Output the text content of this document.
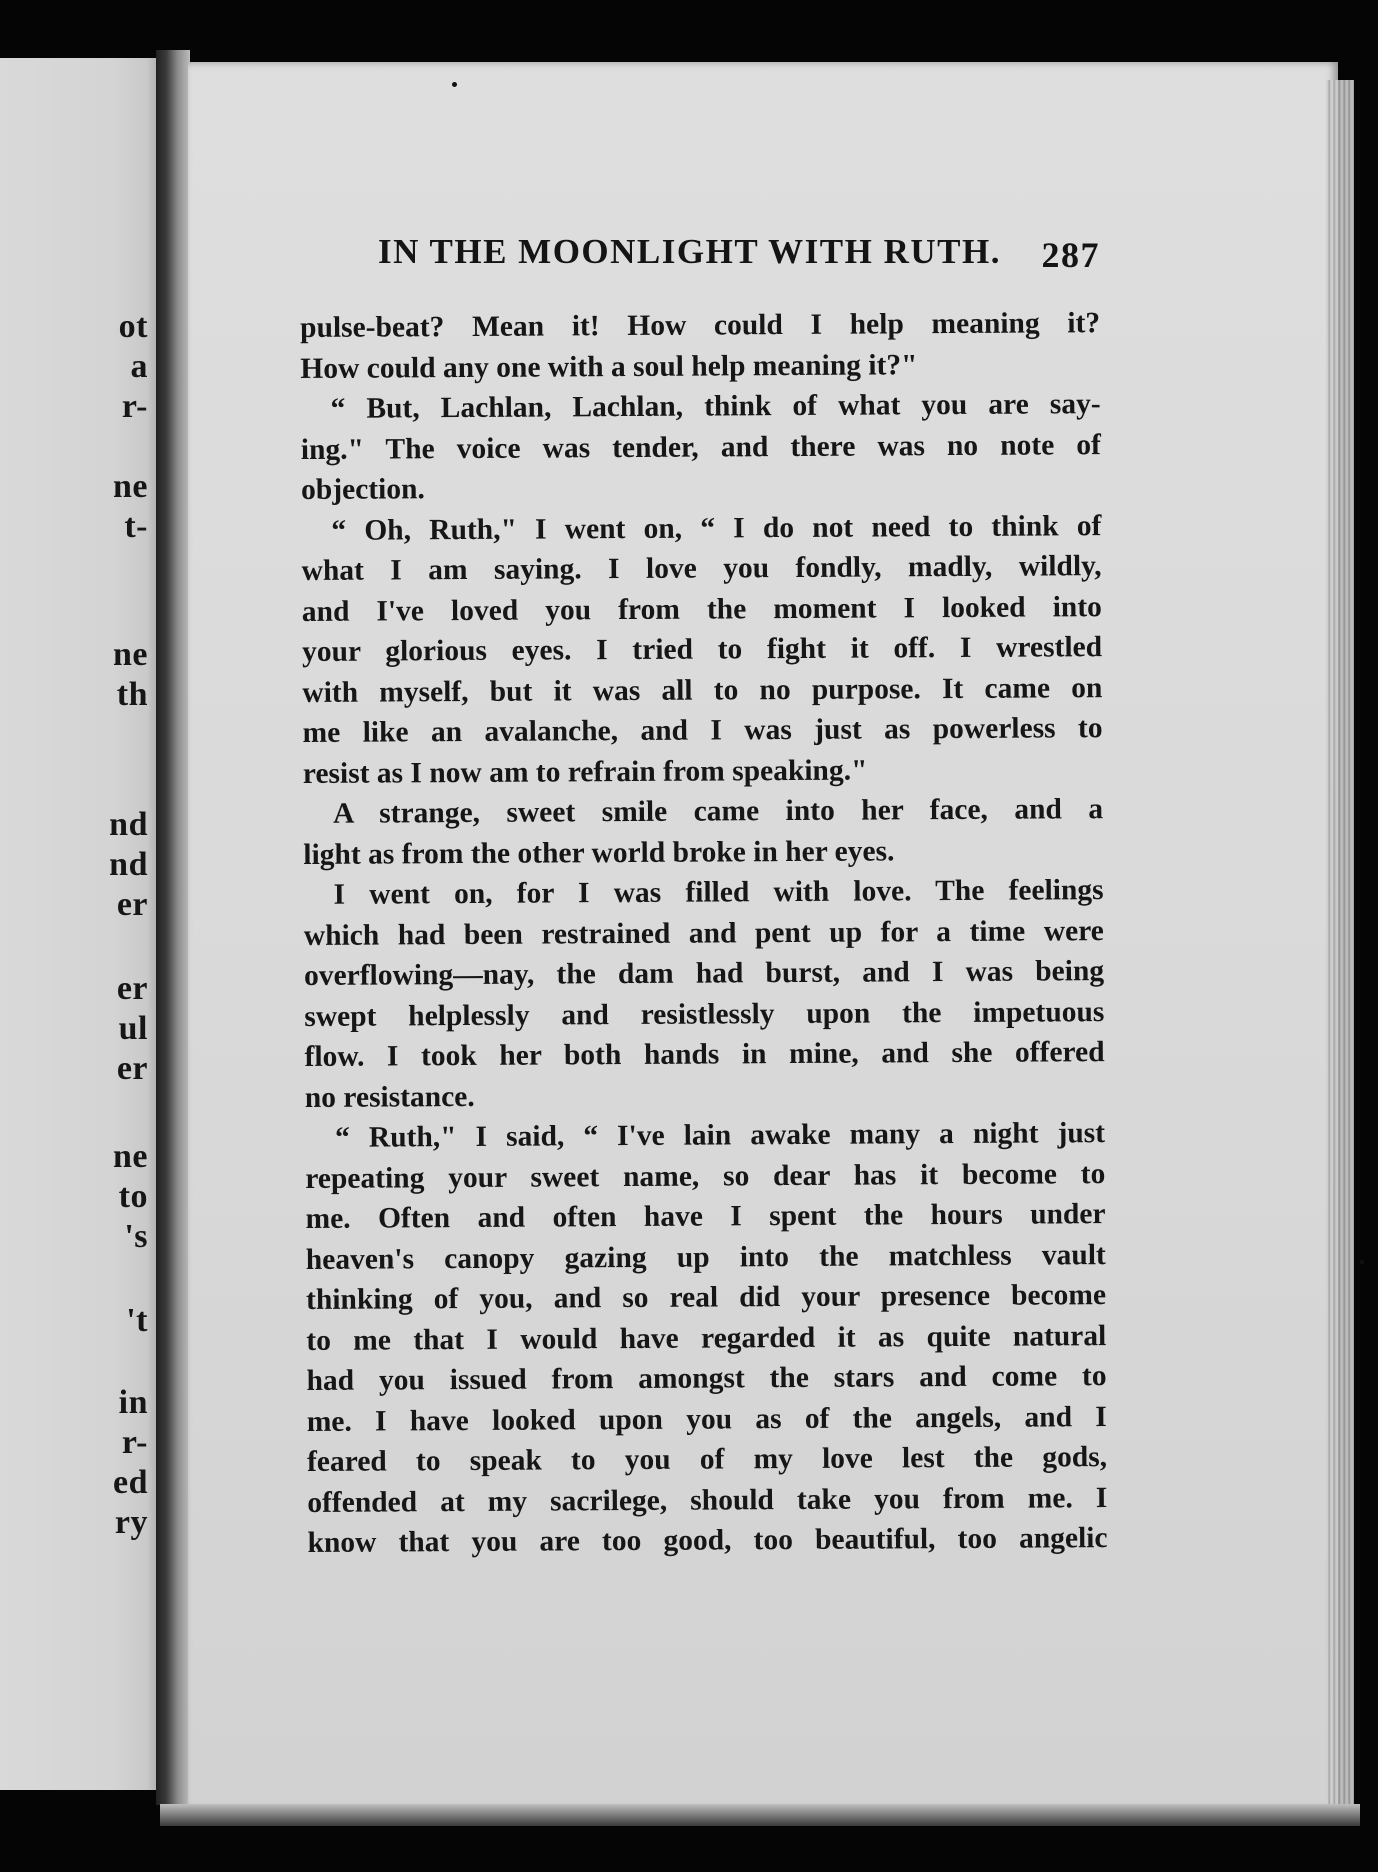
ot
a
r-
ne
t-
ne
th
nd
nd
er
er
ul
er
ne
to
's
't
in
r-
ed
ry
IN THE MOONLIGHT WITH RUTH. 287
pulse-beat? Mean it! How could I help meaning it?
How could any one with a soul help meaning it?"
“ But, Lachlan, Lachlan, think of what you are say-
ing." The voice was tender, and there was no note of
objection.
“ Oh, Ruth," I went on, “ I do not need to think of
what I am saying. I love you fondly, madly, wildly,
and I've loved you from the moment I looked into
your glorious eyes. I tried to fight it off. I wrestled
with myself, but it was all to no purpose. It came on
me like an avalanche, and I was just as powerless to
resist as I now am to refrain from speaking."
A strange, sweet smile came into her face, and a
light as from the other world broke in her eyes.
I went on, for I was filled with love. The feelings
which had been restrained and pent up for a time were
overflowing—nay, the dam had burst, and I was being
swept helplessly and resistlessly upon the impetuous
flow. I took her both hands in mine, and she offered
no resistance.
“ Ruth," I said, “ I've lain awake many a night just
repeating your sweet name, so dear has it become to
me. Often and often have I spent the hours under
heaven's canopy gazing up into the matchless vault
thinking of you, and so real did your presence become
to me that I would have regarded it as quite natural
had you issued from amongst the stars and come to
me. I have looked upon you as of the angels, and I
feared to speak to you of my love lest the gods,
offended at my sacrilege, should take you from me. I
know that you are too good, too beautiful, too angelic
